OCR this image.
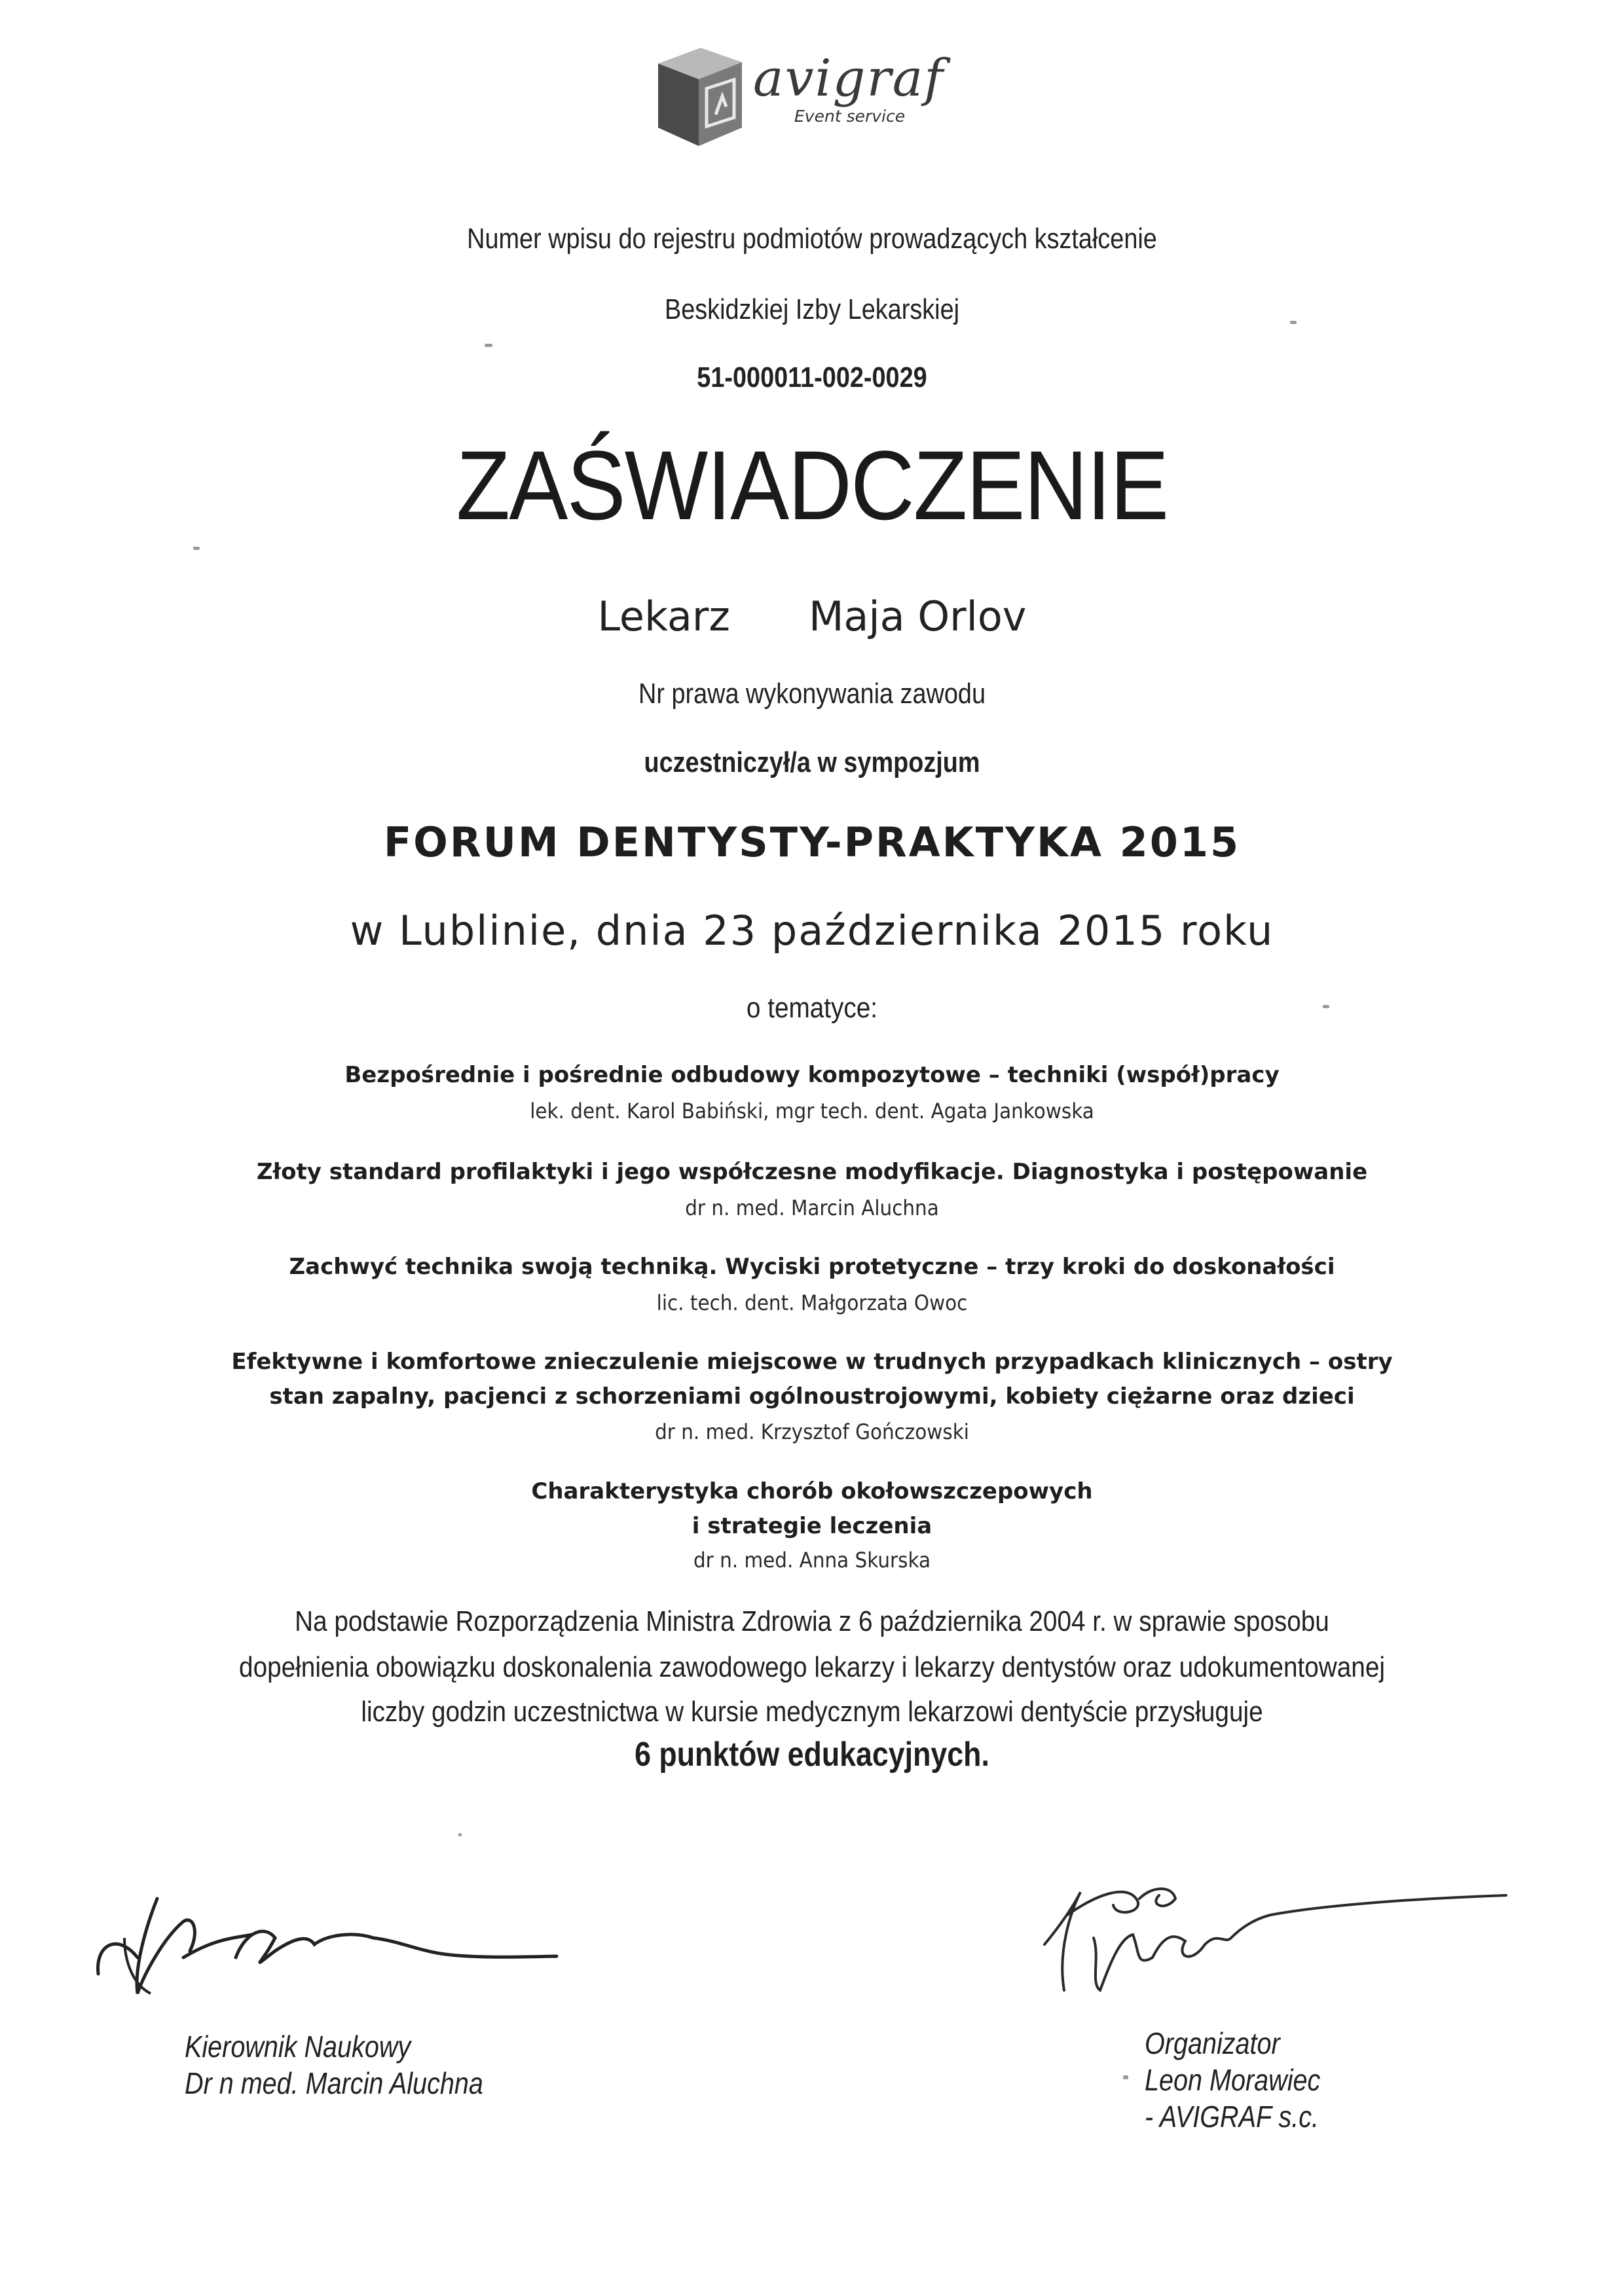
avigraf
Event service
Numer wpisu do rejestru podmiotów prowadzących kształcenie
Beskidzkiej Izby Lekarskiej
51-000011-002-0029
ZAŚWIADCZENIE
Lekarz Maja Orlov
Nr prawa wykonywania zawodu
uczestniczył/a w sympozjum
FORUM DENTYSTY-PRAKTYKA 2015
w Lublinie, dnia 23 października 2015 roku
o tematyce:
Bezpośrednie i pośrednie odbudowy kompozytowe – techniki (współ)pracy
lek. dent. Karol Babiński, mgr tech. dent. Agata Jankowska
Złoty standard profilaktyki i jego współczesne modyfikacje. Diagnostyka i postępowanie
dr n. med. Marcin Aluchna
Zachwyć technika swoją techniką. Wyciski protetyczne – trzy kroki do doskonałości
lic. tech. dent. Małgorzata Owoc
Efektywne i komfortowe znieczulenie miejscowe w trudnych przypadkach klinicznych – ostry
stan zapalny, pacjenci z schorzeniami ogólnoustrojowymi, kobiety ciężarne oraz dzieci
dr n. med. Krzysztof Gończowski
Charakterystyka chorób okołowszczepowych
i strategie leczenia
dr n. med. Anna Skurska
Na podstawie Rozporządzenia Ministra Zdrowia z 6 października 2004 r. w sprawie sposobu
dopełnienia obowiązku doskonalenia zawodowego lekarzy i lekarzy dentystów oraz udokumentowanej
liczby godzin uczestnictwa w kursie medycznym lekarzowi dentyście przysługuje
6 punktów edukacyjnych.
Kierownik Naukowy
Dr n med. Marcin Aluchna
Organizator
Leon Morawiec
- AVIGRAF s.c.
